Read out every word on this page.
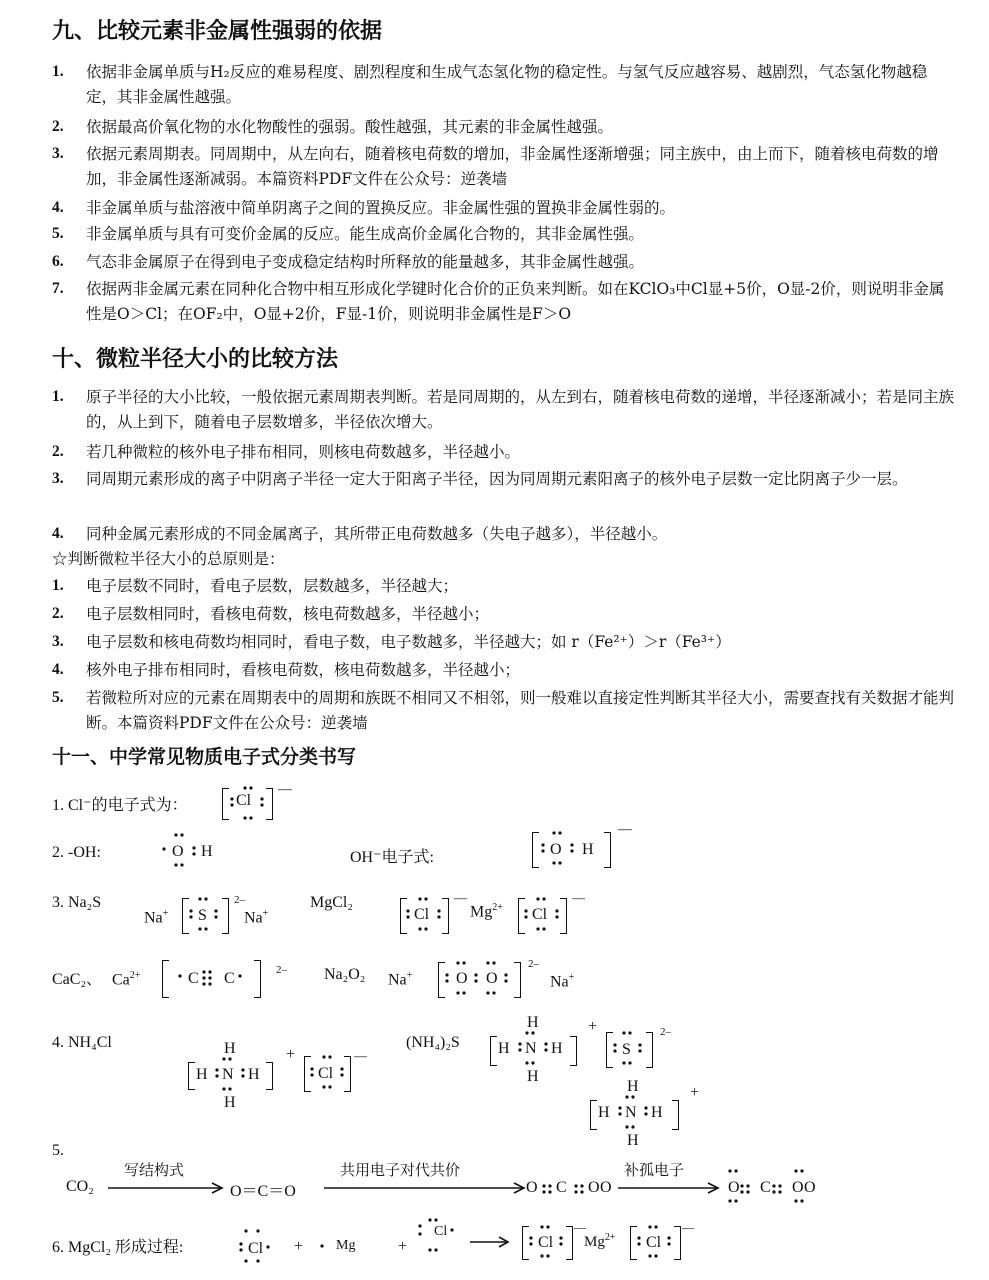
九、比较元素非金属性强弱的依据
1.	依据非金属单质与H₂反应的难易程度、剧烈程度和生成气态氢化物的稳定性。与氢气反应越容易、越剧烈，气态氢化物越稳定，其非金属性越强。
2.	依据最高价氧化物的水化物酸性的强弱。酸性越强，其元素的非金属性越强。
3.	依据元素周期表。同周期中，从左向右，随着核电荷数的增加，非金属性逐渐增强；同主族中，由上而下，随着核电荷数的增加，非金属性逐渐减弱。本篇资料PDF文件在公众号：逆袭墙
4.	非金属单质与盐溶液中简单阴离子之间的置换反应。非金属性强的置换非金属性弱的。
5.	非金属单质与具有可变价金属的反应。能生成高价金属化合物的，其非金属性强。
6.	气态非金属原子在得到电子变成稳定结构时所释放的能量越多，其非金属性越强。
7.	依据两非金属元素在同种化合物中相互形成化学键时化合价的正负来判断。如在KClO₃中Cl显+5价，O显-2价，则说明非金属性是O＞Cl；在OF₂中，O显+2价，F显-1价，则说明非金属性是F＞O
十、微粒半径大小的比较方法
1.	原子半径的大小比较，一般依据元素周期表判断。若是同周期的，从左到右，随着核电荷数的递增，半径逐渐减小；若是同主族的，从上到下，随着电子层数增多，半径依次增大。
2.	若几种微粒的核外电子排布相同，则核电荷数越多，半径越小。
3.	同周期元素形成的离子中阴离子半径一定大于阳离子半径，因为同周期元素阳离子的核外电子层数一定比阴离子少一层。
4.	同种金属元素形成的不同金属离子，其所带正电荷数越多（失电子越多），半径越小。
☆判断微粒半径大小的总原则是：
1.	电子层数不同时，看电子层数，层数越多，半径越大；
2.	电子层数相同时，看核电荷数，核电荷数越多，半径越小；
3.	电子层数和核电荷数均相同时，看电子数，电子数越多，半径越大；如 r（Fe²⁺）＞r（Fe³⁺）
4.	核外电子排布相同时，看核电荷数，核电荷数越多，半径越小；
5.	若微粒所对应的元素在周期表中的周期和族既不相同又不相邻，则一般难以直接定性判断其半径大小，需要查找有关数据才能判断。本篇资料PDF文件在公众号：逆袭墙
十一、中学常见物质电子式分类书写
1. Cl⁻的电子式为：	Cl
—
2. -OH:	O H	OH⁻电子式:	O H
—
3. Na₂S
Na+ S
2–
Na+
MgCl₂
Cl
—
$Mg^{2+}$ Cl
—
CaC₂、 $Ca^{2+}$	C C	2– Na₂O₂ Na+	O O
2–
Na+
4. NH₄Cl	H
H N H
H
+
Cl
—
(NH₄)₂S
H
H N H
H
+
S
2–
H
H N H
H
+
5.
CO₂
写结构式
O＝C＝O
共用电子对代共价
O C O O
补孤电子
O C O O
6. MgCl₂ 形成过程:	Cl + Mg	+
Cl
Cl
—
$Mg^{2+}$ Cl
—
